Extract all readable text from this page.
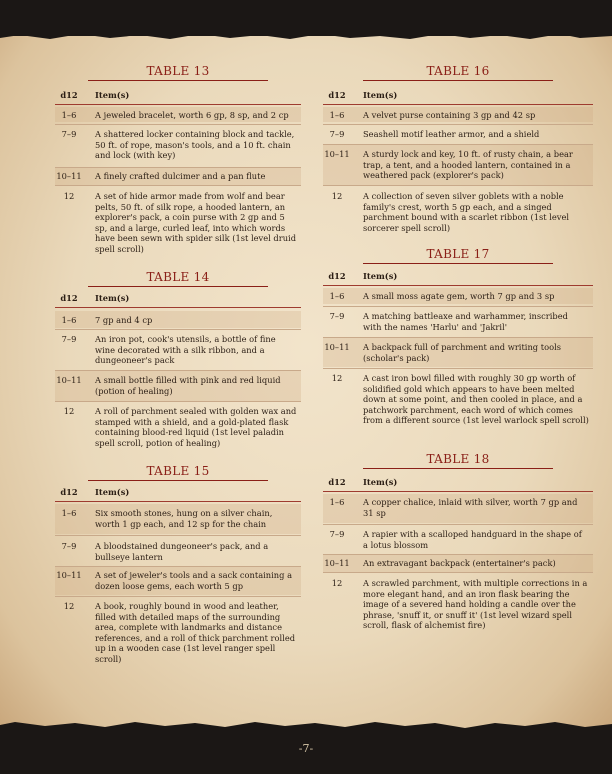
TABLE 13
d12	Item(s)
1–6	A jeweled bracelet, worth 6 gp, 8 sp, and 2 cp
7–9	A shattered locker containing block and tackle, 50 ft. of rope, mason's tools, and a 10 ft. chain and lock (with key)
10–11 A finely crafted dulcimer and a pan flute
12	A set of hide armor made from wolf and bear pelts, 50 ft. of silk rope, a hooded lantern, an explorer's pack, a coin purse with 2 gp and 5 sp, and a large, curled leaf, into which words have been sewn with spider silk (1st level druid spell scroll)
TABLE 14
d12	Item(s)
1–6	7 gp and 4 cp
7–9	An iron pot, cook's utensils, a bottle of fine wine decorated with a silk ribbon, and a dungeoneer's pack
10–11 A small bottle filled with pink and red liquid (potion of healing)
12	A roll of parchment sealed with golden wax and stamped with a shield, and a gold-plated flask containing blood-red liquid (1st level paladin spell scroll, potion of healing)
TABLE 15
d12	Item(s)
1–6	Six smooth stones, hung on a silver chain, worth 1 gp each, and 12 sp for the chain
7–9	A bloodstained dungeoneer's pack, and a bullseye lantern
10–11 A set of jeweler's tools and a sack containing a dozen loose gems, each worth 5 gp
12	A book, roughly bound in wood and leather, filled with detailed maps of the surrounding area, complete with landmarks and distance references, and a roll of thick parchment rolled up in a wooden case (1st level ranger spell scroll)
TABLE 16
d12	Item(s)
1–6	A velvet purse containing 3 gp and 42 sp
7–9	Seashell motif leather armor, and a shield
10–11 A sturdy lock and key, 10 ft. of rusty chain, a bear trap, a tent, and a hooded lantern, contained in a weathered pack (explorer's pack)
12	A collection of seven silver goblets with a noble family's crest, worth 5 gp each, and a singed parchment bound with a scarlet ribbon (1st level sorcerer spell scroll)
TABLE 17
d12	Item(s)
1–6	A small moss agate gem, worth 7 gp and 3 sp
7–9	A matching battleaxe and warhammer, inscribed with the names 'Harlu' and 'Jakril'
10–11 A backpack full of parchment and writing tools (scholar's pack)
12	A cast iron bowl filled with roughly 30 gp worth of solidified gold which appears to have been melted down at some point, and then cooled in place, and a patchwork parchment, each word of which comes from a different source (1st level warlock spell scroll)
TABLE 18
d12	Item(s)
1–6	A copper chalice, inlaid with silver, worth 7 gp and 31 sp
7–9	A rapier with a scalloped handguard in the shape of a lotus blossom
10–11 An extravagant backpack (entertainer's pack)
12	A scrawled parchment, with multiple corrections in a more elegant hand, and an iron flask bearing the image of a severed hand holding a candle over the phrase, 'snuff it, or snuff it' (1st level wizard spell scroll, flask of alchemist fire)
-7-
